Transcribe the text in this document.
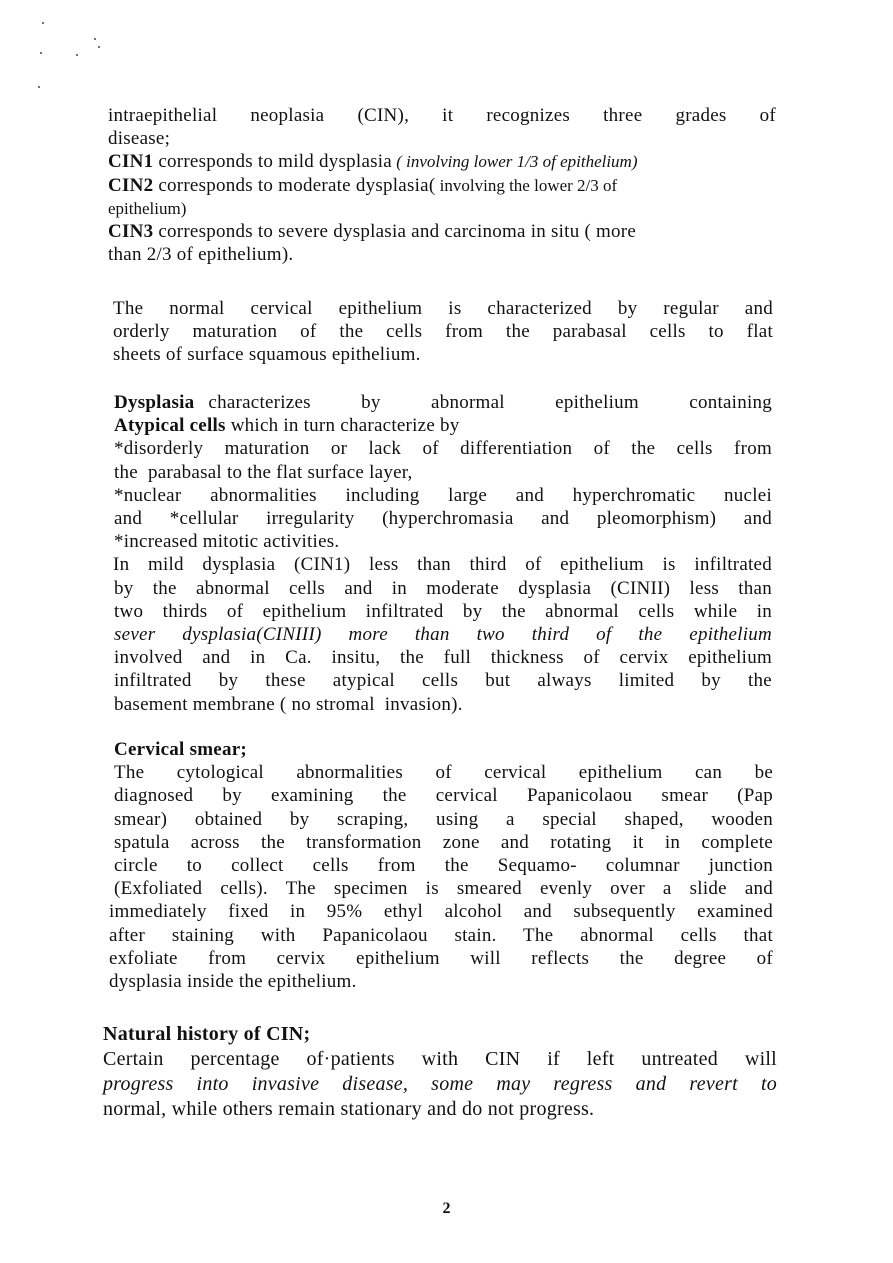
intraepithelial neoplasia (CIN), it recognizes three grades of
disease;
CIN1 corresponds to mild dysplasia ( involving lower 1/3 of epithelium)
CIN2 corresponds to moderate dysplasia( involving the lower 2/3 of
epithelium)
CIN3 corresponds to severe dysplasia and carcinoma in situ ( more
than 2/3 of epithelium).
The normal cervical epithelium is characterized by regular and
orderly maturation of the cells from the parabasal cells to flat
sheets of surface squamous epithelium.
Dysplasia characterizes by abnormal epithelium containing
Atypical cells which in turn characterize by
*disorderly maturation or lack of differentiation of the cells from
the  parabasal to the flat surface layer,
*nuclear abnormalities including large and hyperchromatic nuclei
and *cellular irregularity (hyperchromasia and pleomorphism) and
*increased mitotic activities.
In mild dysplasia (CIN1) less than third of epithelium is infiltrated
by the abnormal cells and in moderate dysplasia (CINII) less than
two thirds of epithelium infiltrated by the abnormal cells while in
sever dysplasia(CINIII) more than two third of the epithelium
involved and in Ca. insitu, the full thickness of cervix epithelium
infiltrated by these atypical cells but always limited by the
basement membrane ( no stromal  invasion).
Cervical smear;
The cytological abnormalities of cervical epithelium can be
diagnosed by examining the cervical Papanicolaou smear (Pap
smear) obtained by scraping, using a special shaped, wooden
spatula across the transformation zone and rotating it in complete
circle to collect cells from the Sequamo- columnar junction
(Exfoliated cells). The specimen is smeared evenly over a slide and
immediately fixed in 95% ethyl alcohol and subsequently examined
after staining with Papanicolaou stain. The abnormal cells that
exfoliate from cervix epithelium will reflects the degree of
dysplasia inside the epithelium.
Natural history of CIN;
Certain percentage of·patients with CIN if left untreated will
progress into invasive disease, some may regress and revert to
normal, while others remain stationary and do not progress.
2
